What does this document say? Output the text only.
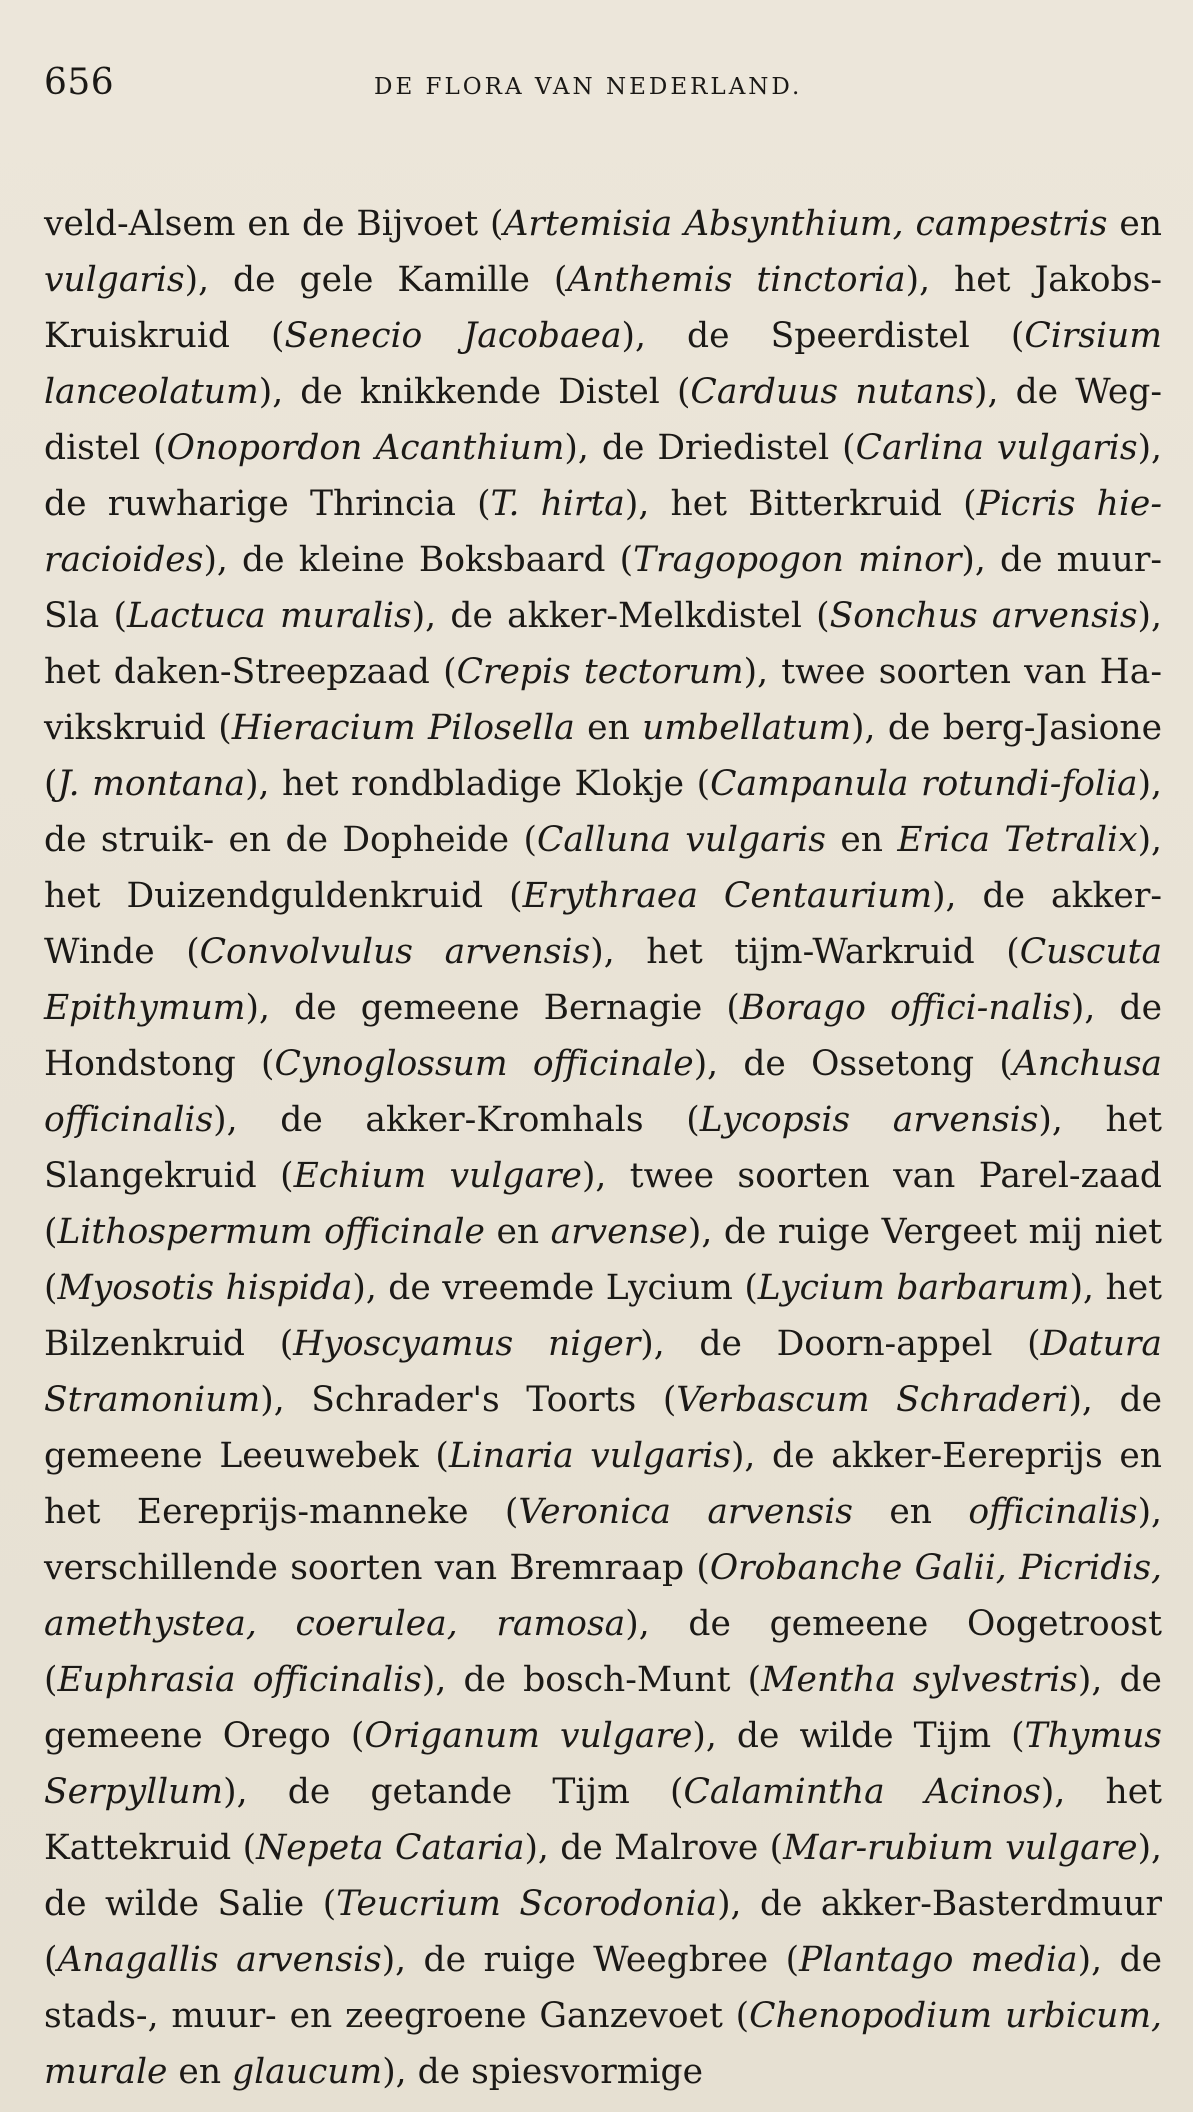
656	DE FLORA VAN NEDERLAND.

veld-Alsem en de Bijvoet (Artemisia Absynthium, campestris en vulgaris), de gele Kamille (Anthemis tinctoria), het Jakobs-Kruiskruid (Senecio Jacobaea), de Speerdistel (Cirsium lanceolatum), de knikkende Distel (Carduus nutans), de Weg-distel (Onopordon Acanthium), de Driedistel (Carlina vulgaris), de ruwharige Thrincia (T. hirta), het Bitterkruid (Picris hie-racioides), de kleine Boksbaard (Tragopogon minor), de muur-Sla (Lactuca muralis), de akker-Melkdistel (Sonchus arvensis), het daken-Streepzaad (Crepis tectorum), twee soorten van Ha-vikskruid (Hieracium Pilosella en umbellatum), de berg-Jasione (J. montana), het rondbladige Klokje (Campanula rotundi-folia), de struik- en de Dopheide (Calluna vulgaris en Erica Tetralix), het Duizendguldenkruid (Erythraea Centaurium), de akker-Winde (Convolvulus arvensis), het tijm-Warkruid (Cuscuta Epithymum), de gemeene Bernagie (Borago offici-nalis), de Hondstong (Cynoglossum officinale), de Ossetong (Anchusa officinalis), de akker-Kromhals (Lycopsis arvensis), het Slangekruid (Echium vulgare), twee soorten van Parel-zaad (Lithospermum officinale en arvense), de ruige Vergeet mij niet (Myosotis hispida), de vreemde Lycium (Lycium barbarum), het Bilzenkruid (Hyoscyamus niger), de Doorn-appel (Datura Stramonium), Schrader's Toorts (Verbascum Schraderi), de gemeene Leeuwebek (Linaria vulgaris), de akker-Eereprijs en het Eereprijs-manneke (Veronica arvensis en officinalis), verschillende soorten van Bremraap (Orobanche Galii, Picridis, amethystea, coerulea, ramosa), de gemeene Oogetroost (Euphrasia officinalis), de bosch-Munt (Mentha sylvestris), de gemeene Orego (Origanum vulgare), de wilde Tijm (Thymus Serpyllum), de getande Tijm (Calamintha Acinos), het Kattekruid (Nepeta Cataria), de Malrove (Mar-rubium vulgare), de wilde Salie (Teucrium Scorodonia), de akker-Basterdmuur (Anagallis arvensis), de ruige Weegbree (Plantago media), de stads-, muur- en zeegroene Ganzevoet (Chenopodium urbicum, murale en glaucum), de spiesvormige
